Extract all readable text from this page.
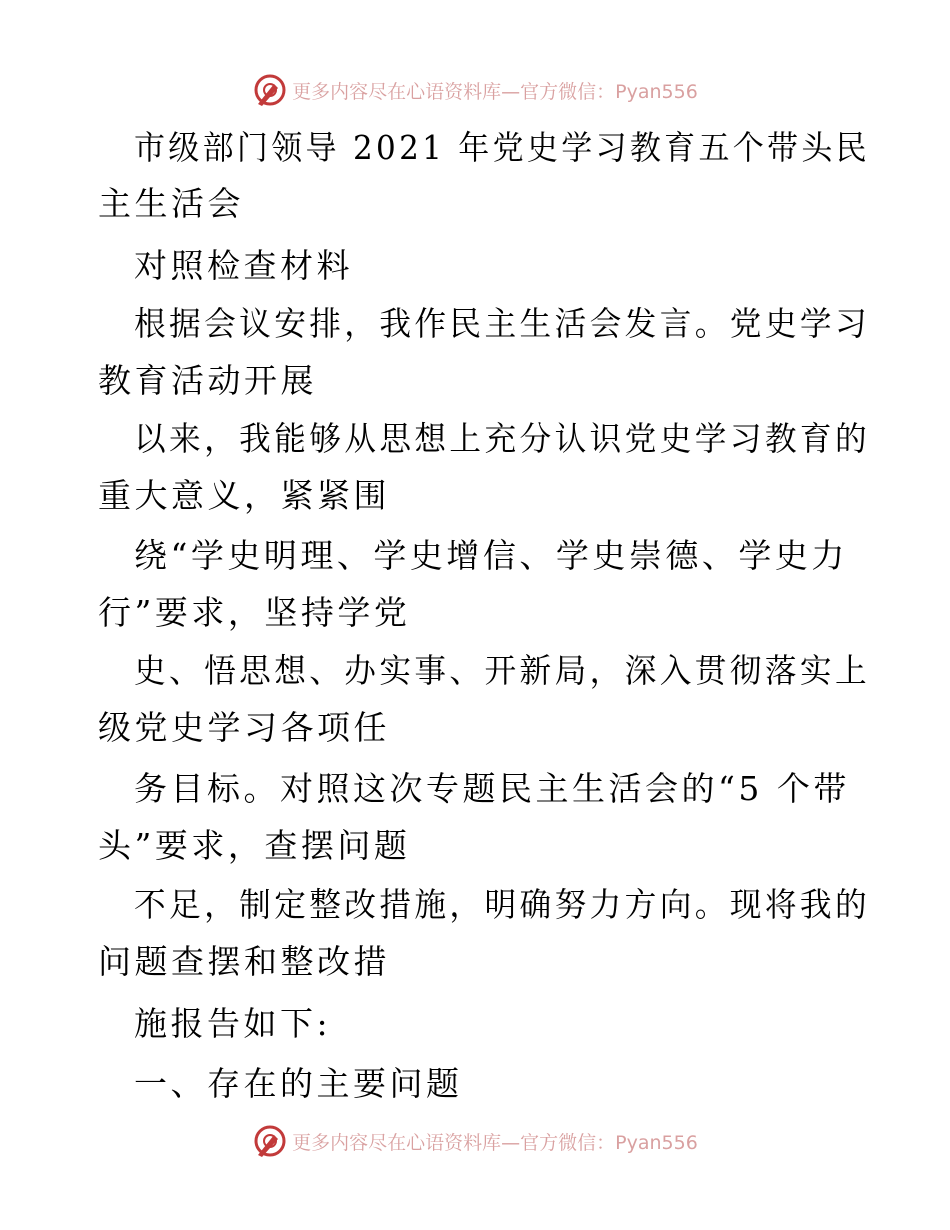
更多内容尽在心语资料库—官方微信：Pyan556
市级部门领导 2021 年党史学习教育五个带头民
主生活会
对照检查材料
根据会议安排，我作民主生活会发言。党史学习
教育活动开展
以来，我能够从思想上充分认识党史学习教育的
重大意义，紧紧围
绕“学史明理、学史增信、学史崇德、学史力
行”要求，坚持学党
史、悟思想、办实事、开新局，深入贯彻落实上
级党史学习各项任
务目标。对照这次专题民主生活会的“5 个带
头”要求，查摆问题
不足，制定整改措施，明确努力方向。现将我的
问题查摆和整改措
施报告如下:
一、存在的主要问题
更多内容尽在心语资料库—官方微信：Pyan556
